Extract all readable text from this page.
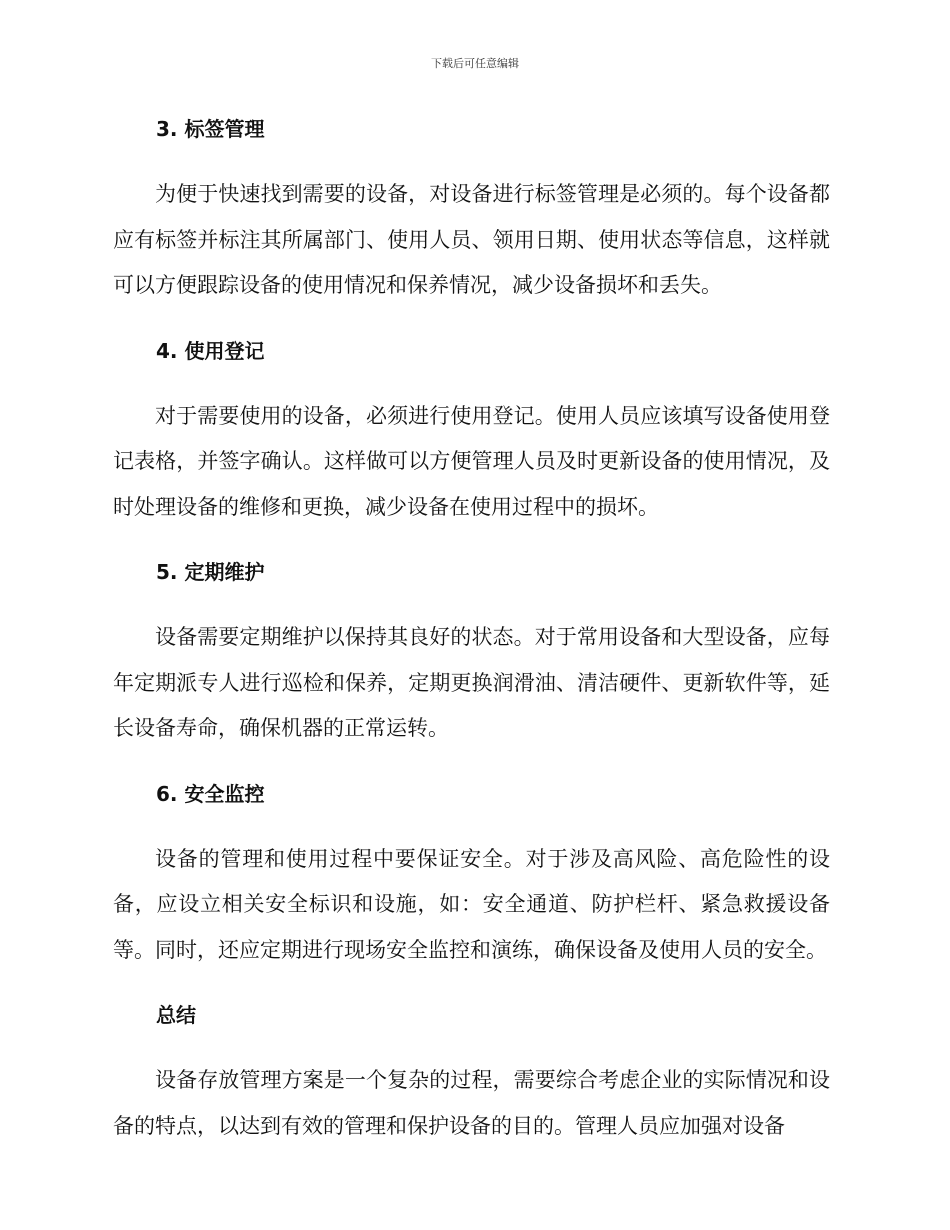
下载后可任意编辑
3. 标签管理

为便于快速找到需要的设备，对设备进行标签管理是必须的。每个设备都应有标签并标注其所属部门、使用人员、领用日期、使用状态等信息，这样就可以方便跟踪设备的使用情况和保养情况，减少设备损坏和丢失。

4. 使用登记

对于需要使用的设备，必须进行使用登记。使用人员应该填写设备使用登记表格，并签字确认。这样做可以方便管理人员及时更新设备的使用情况，及时处理设备的维修和更换，减少设备在使用过程中的损坏。

5. 定期维护

设备需要定期维护以保持其良好的状态。对于常用设备和大型设备，应每年定期派专人进行巡检和保养，定期更换润滑油、清洁硬件、更新软件等，延长设备寿命，确保机器的正常运转。

6. 安全监控

设备的管理和使用过程中要保证安全。对于涉及高风险、高危险性的设备，应设立相关安全标识和设施，如：安全通道、防护栏杆、紧急救援设备等。同时，还应定期进行现场安全监控和演练，确保设备及使用人员的安全。

总结

设备存放管理方案是一个复杂的过程，需要综合考虑企业的实际情况和设备的特点，以达到有效的管理和保护设备的目的。管理人员应加强对设备
